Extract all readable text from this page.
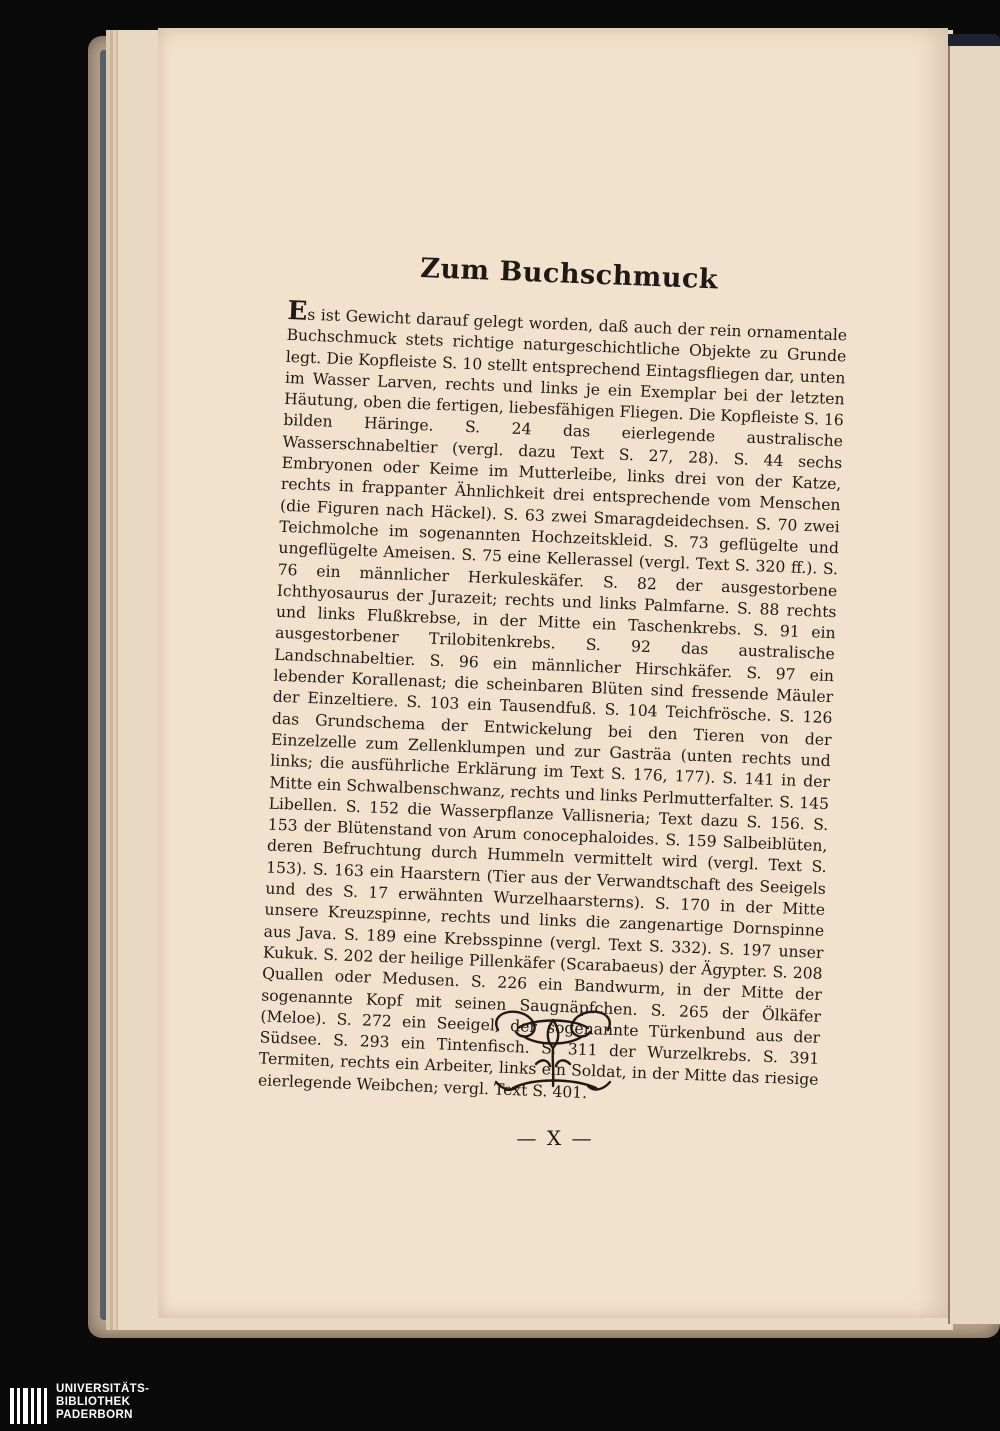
Zum Buchschmuck

Es ist Gewicht darauf gelegt worden, daß auch der rein ornamentale Buchschmuck stets richtige naturgeschichtliche Objekte zu Grunde legt. Die Kopfleiste S. 10 stellt entsprechend Eintagsfliegen dar, unten im Wasser Larven, rechts und links je ein Exemplar bei der letzten Häutung, oben die fertigen, liebesfähigen Fliegen. Die Kopfleiste S. 16 bilden Häringe. S. 24 das eierlegende australische Wasserschnabeltier (vergl. dazu Text S. 27, 28). S. 44 sechs Embryonen oder Keime im Mutterleibe, links drei von der Katze, rechts in frappanter Ähnlichkeit drei entsprechende vom Menschen (die Figuren nach Häckel). S. 63 zwei Smaragdeidechsen. S. 70 zwei Teichmolche im sogenannten Hochzeitskleid. S. 73 geflügelte und ungeflügelte Ameisen. S. 75 eine Kellerassel (vergl. Text S. 320 ff.). S. 76 ein männlicher Herkuleskäfer. S. 82 der ausgestorbene Ichthyosaurus der Jurazeit; rechts und links Palmfarne. S. 88 rechts und links Flußkrebse, in der Mitte ein Taschenkrebs. S. 91 ein ausgestorbener Trilobitenkrebs. S. 92 das australische Landschnabeltier. S. 96 ein männlicher Hirschkäfer. S. 97 ein lebender Korallenast; die scheinbaren Blüten sind fressende Mäuler der Einzeltiere. S. 103 ein Tausendfuß. S. 104 Teichfrösche. S. 126 das Grundschema der Entwickelung bei den Tieren von der Einzelzelle zum Zellenklumpen und zur Gasträa (unten rechts und links; die ausführliche Erklärung im Text S. 176, 177). S. 141 in der Mitte ein Schwalbenschwanz, rechts und links Perlmutterfalter. S. 145 Libellen. S. 152 die Wasserpflanze Vallisneria; Text dazu S. 156. S. 153 der Blütenstand von Arum conocephaloides. S. 159 Salbeiblüten, deren Befruchtung durch Hummeln vermittelt wird (vergl. Text S. 153). S. 163 ein Haarstern (Tier aus der Verwandtschaft des Seeigels und des S. 17 erwähnten Wurzelhaarsterns). S. 170 in der Mitte unsere Kreuzspinne, rechts und links die zangenartige Dornspinne aus Java. S. 189 eine Krebsspinne (vergl. Text S. 332). S. 197 unser Kukuk. S. 202 der heilige Pillenkäfer (Scarabaeus) der Ägypter. S. 208 Quallen oder Medusen. S. 226 ein Bandwurm, in der Mitte der sogenannte Kopf mit seinen Saugnäpfchen. S. 265 der Ölkäfer (Meloe). S. 272 ein Seeigel, der sogenannte Türkenbund aus der Südsee. S. 293 ein Tintenfisch. S. 311 der Wurzelkrebs. S. 391 Termiten, rechts ein Arbeiter, links ein Soldat, in der Mitte das riesige eierlegende Weibchen; vergl. Text S. 401.

— X —
UNIVERSITÄTS-
BIBLIOTHEK
PADERBORN
